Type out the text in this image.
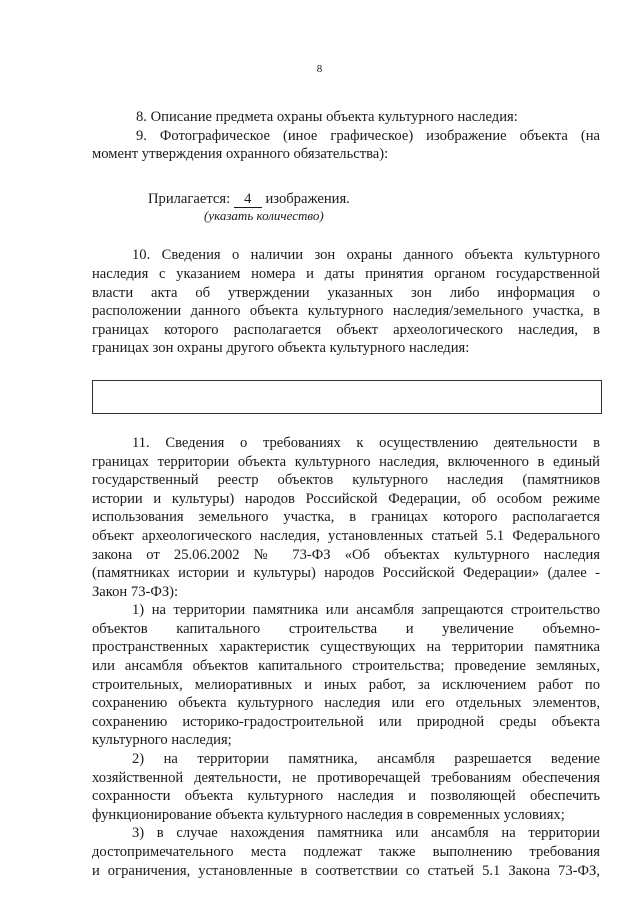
8
8. Описание предмета охраны объекта культурного наследия:
9. Фотографическое (иное графическое) изображение объекта (на
момент утверждения охранного обязательства):
Прилагается: 4 изображения.
(указать количество)
10. Сведения о наличии зон охраны данного объекта культурного
наследия с указанием номера и даты принятия органом государственной
власти акта об утверждении указанных зон либо информация о
расположении данного объекта культурного наследия/земельного участка, в
границах которого располагается объект археологического наследия, в
границах зон охраны другого объекта культурного наследия:
11. Сведения о требованиях к осуществлению деятельности в
границах территории объекта культурного наследия, включенного в единый
государственный реестр объектов культурного наследия (памятников
истории и культуры) народов Российской Федерации, об особом режиме
использования земельного участка, в границах которого располагается
объект археологического наследия, установленных статьей 5.1 Федерального
закона от 25.06.2002 № 73-ФЗ «Об объектах культурного наследия
(памятниках истории и культуры) народов Российской Федерации» (далее -
Закон 73-ФЗ):
1) на территории памятника или ансамбля запрещаются строительство
объектов капитального строительства и увеличение объемно-
пространственных характеристик существующих на территории памятника
или ансамбля объектов капитального строительства; проведение земляных,
строительных, мелиоративных и иных работ, за исключением работ по
сохранению объекта культурного наследия или его отдельных элементов,
сохранению историко-градостроительной или природной среды объекта
культурного наследия;
2) на территории памятника, ансамбля разрешается ведение
хозяйственной деятельности, не противоречащей требованиям обеспечения
сохранности объекта культурного наследия и позволяющей обеспечить
функционирование объекта культурного наследия в современных условиях;
3) в случае нахождения памятника или ансамбля на территории
достопримечательного места подлежат также выполнению требования
и ограничения, установленные в соответствии со статьей 5.1 Закона 73-ФЗ,
